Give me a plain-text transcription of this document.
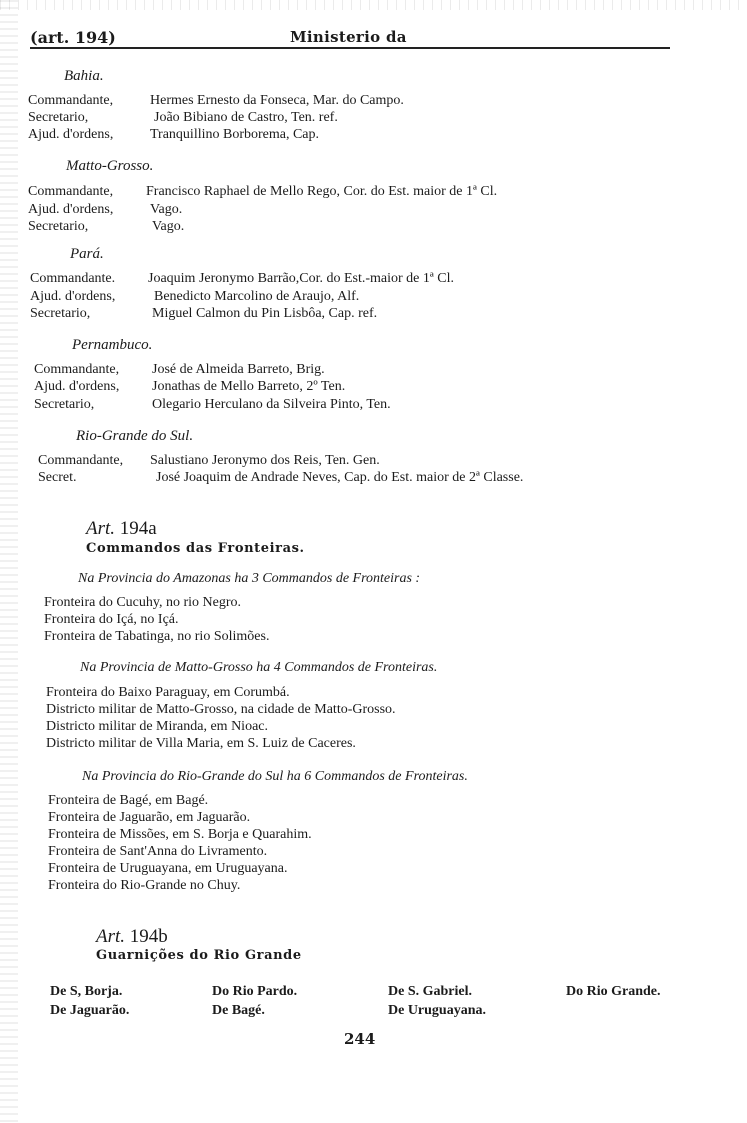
(art. 194)	Ministerio da
Bahia.
Commandante,	Hermes Ernesto da Fonseca, Mar. do Campo.
Secretario,	João Bibiano de Castro, Ten. ref.
Ajud. d'ordens,	Tranquillino Borborema, Cap.
Matto-Grosso.
Commandante, Francisco Raphael de Mello Rego, Cor. do Est. maior de 1ª Cl.
Ajud. d'ordens,	Vago.
Secretario,	Vago.
Pará.
Commandante. Joaquim Jeronymo Barrão,Cor. do Est.-maior de 1ª Cl.
Ajud. d'ordens,	Benedicto Marcolino de Araujo, Alf.
Secretario,	Miguel Calmon du Pin Lisbôa, Cap. ref.
Pernambuco.
Commandante, José de Almeida Barreto, Brig.
Ajud. d'ordens, Jonathas de Mello Barreto, 2º Ten.
Secretario,	Olegario Herculano da Silveira Pinto, Ten.
Rio-Grande do Sul.
Commandante, Salustiano Jeronymo dos Reis, Ten. Gen.
Secret.	José Joaquim de Andrade Neves, Cap. do Est. maior de 2ª Classe.
Art. 194a
Commandos das Fronteiras.
Na Provincia do Amazonas ha 3 Commandos de Fronteiras :
Fronteira do Cucuhy, no rio Negro.
Fronteira do Içá, no Içá.
Fronteira de Tabatinga, no rio Solimões.
Na Provincia de Matto-Grosso ha 4 Commandos de Fronteiras.
Fronteira do Baixo Paraguay, em Corumbá.
Districto militar de Matto-Grosso, na cidade de Matto-Grosso.
Districto militar de Miranda, em Nioac.
Districto militar de Villa Maria, em S. Luiz de Caceres.
Na Provincia do Rio-Grande do Sul ha 6 Commandos de Fronteiras.
Fronteira de Bagé, em Bagé.
Fronteira de Jaguarão, em Jaguarão.
Fronteira de Missões, em S. Borja e Quarahim.
Fronteira de Sant'Anna do Livramento.
Fronteira de Uruguayana, em Uruguayana.
Fronteira do Rio-Grande no Chuy.
Art. 194b
Guarnições do Rio Grande
De S, Borja.	Do Rio Pardo.	De S. Gabriel.	Do Rio Grande.
De Jaguarão.	De Bagé.	De Uruguayana.
244
